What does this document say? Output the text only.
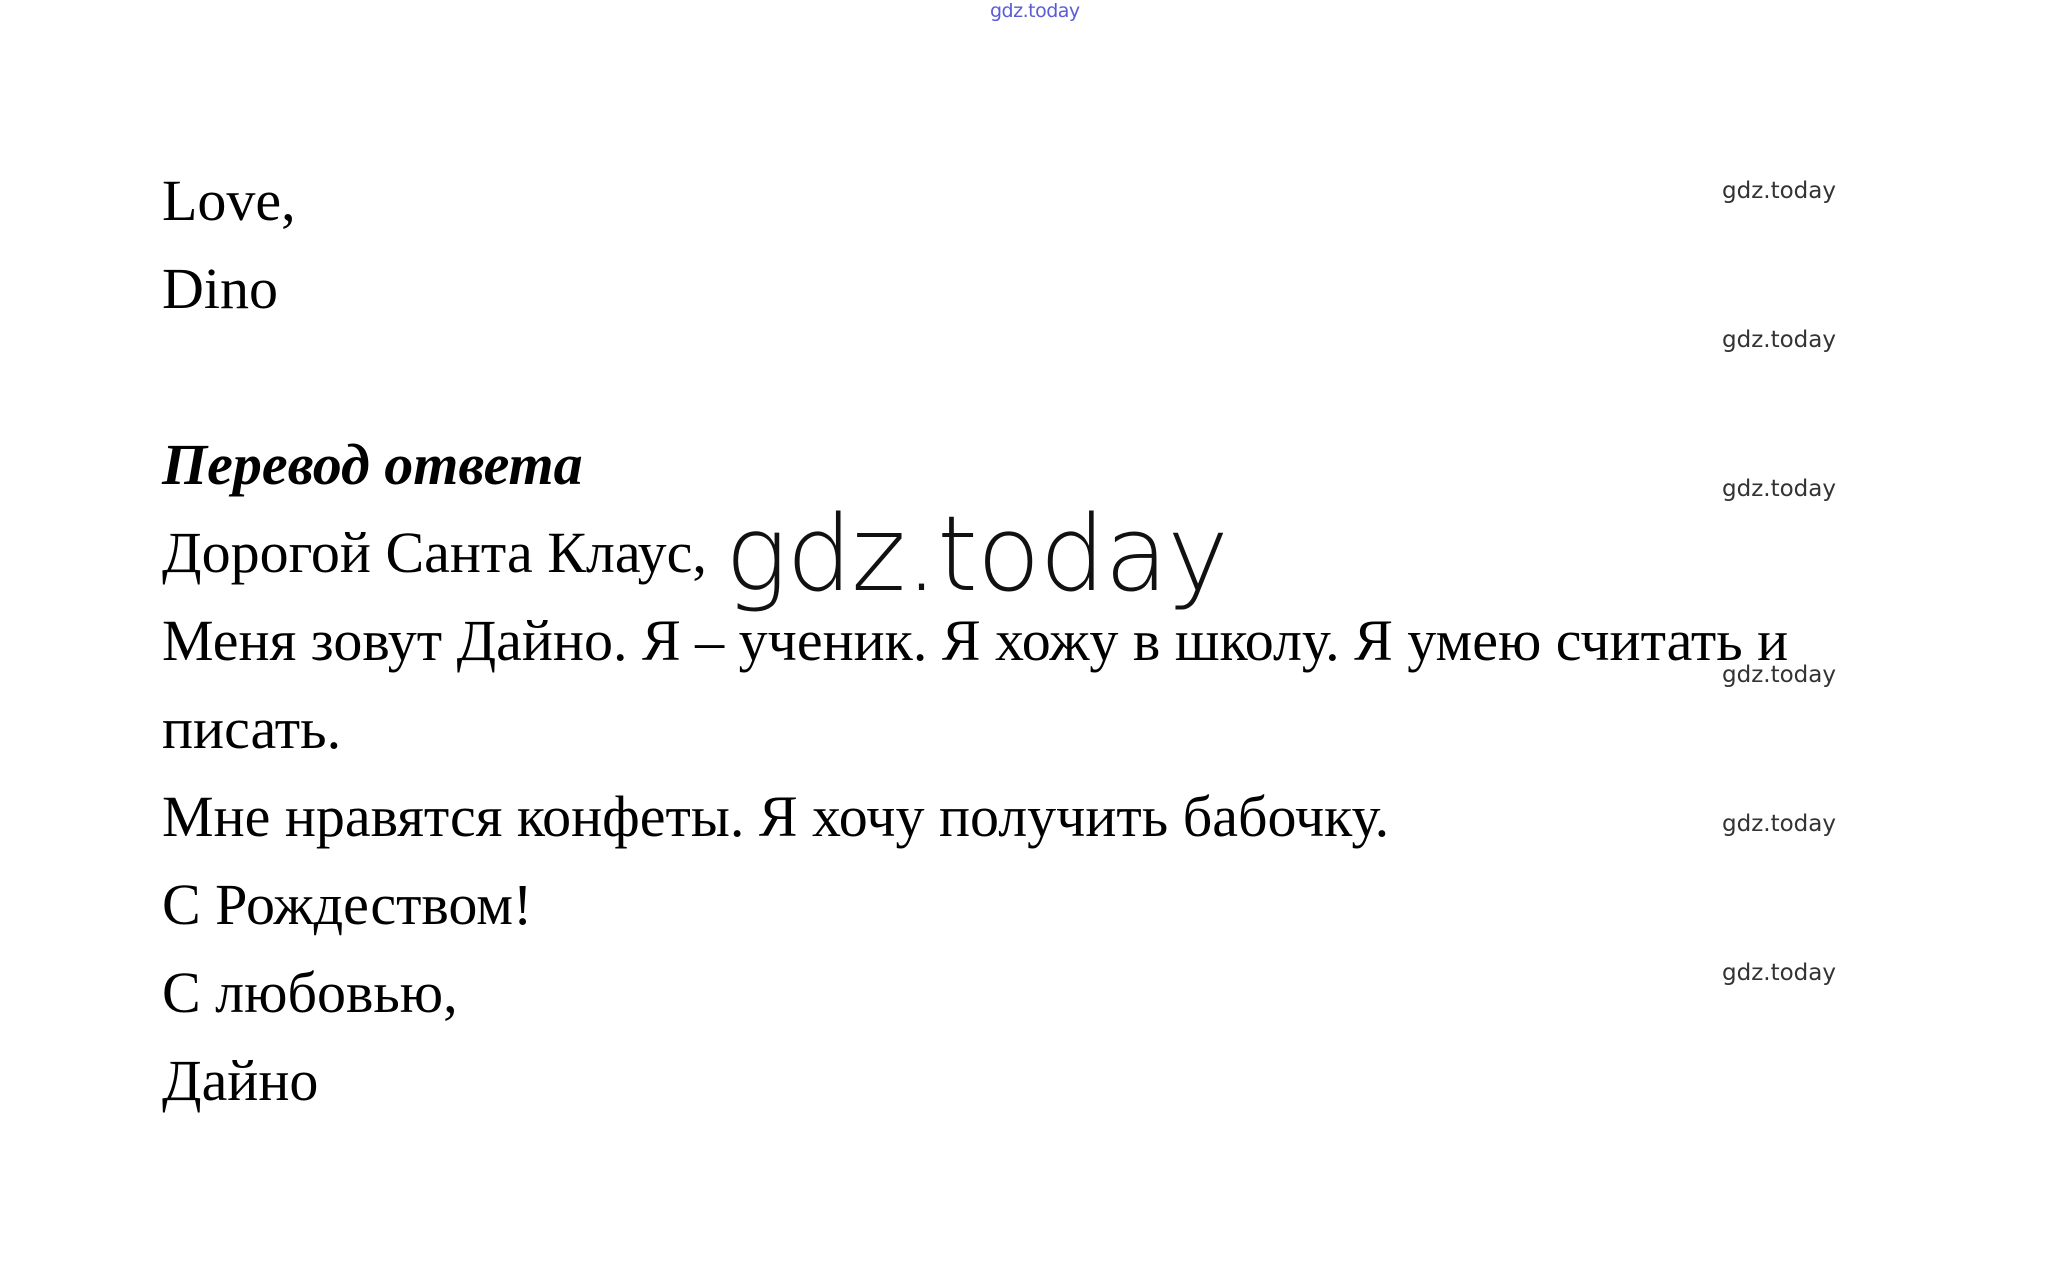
gdz.today
Love,
Dino
Перевод ответа
Дорогой Санта Клаус,
Меня зовут Дайно. Я – ученик. Я хожу в школу. Я умею считать и
писать.
Мне нравятся конфеты. Я хочу получить бабочку.
С Рождеством!
С любовью,
Дайно
gdz.today
gdz.today
gdz.today
gdz.today
gdz.today
gdz.today
gdz.today
